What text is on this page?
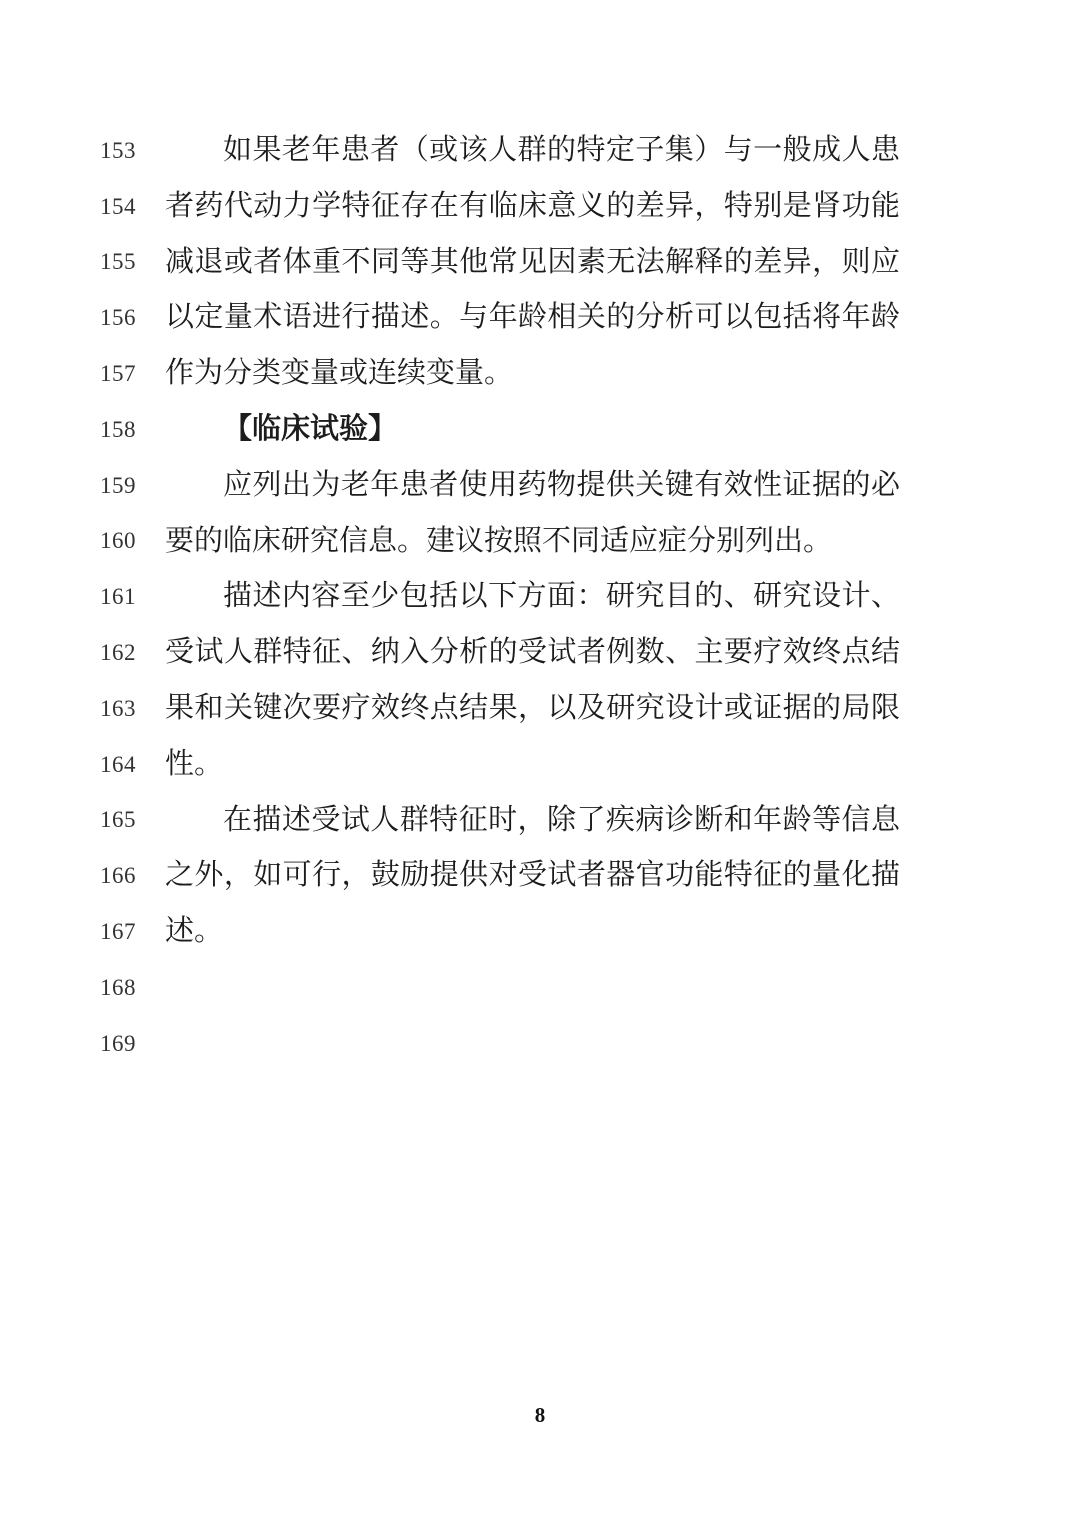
153	如果老年患者（或该人群的特定子集）与一般成人患
154	者药代动力学特征存在有临床意义的差异，特别是肾功能
155	减退或者体重不同等其他常见因素无法解释的差异，则应
156	以定量术语进行描述。与年龄相关的分析可以包括将年龄
157	作为分类变量或连续变量。
158	【临床试验】
159	应列出为老年患者使用药物提供关键有效性证据的必
160	要的临床研究信息。建议按照不同适应症分别列出。
161	描述内容至少包括以下方面：研究目的、研究设计、
162	受试人群特征、纳入分析的受试者例数、主要疗效终点结
163	果和关键次要疗效终点结果，以及研究设计或证据的局限
164	性。
165	在描述受试人群特征时，除了疾病诊断和年龄等信息
166	之外，如可行，鼓励提供对受试者器官功能特征的量化描
167	述。
168
169
8
